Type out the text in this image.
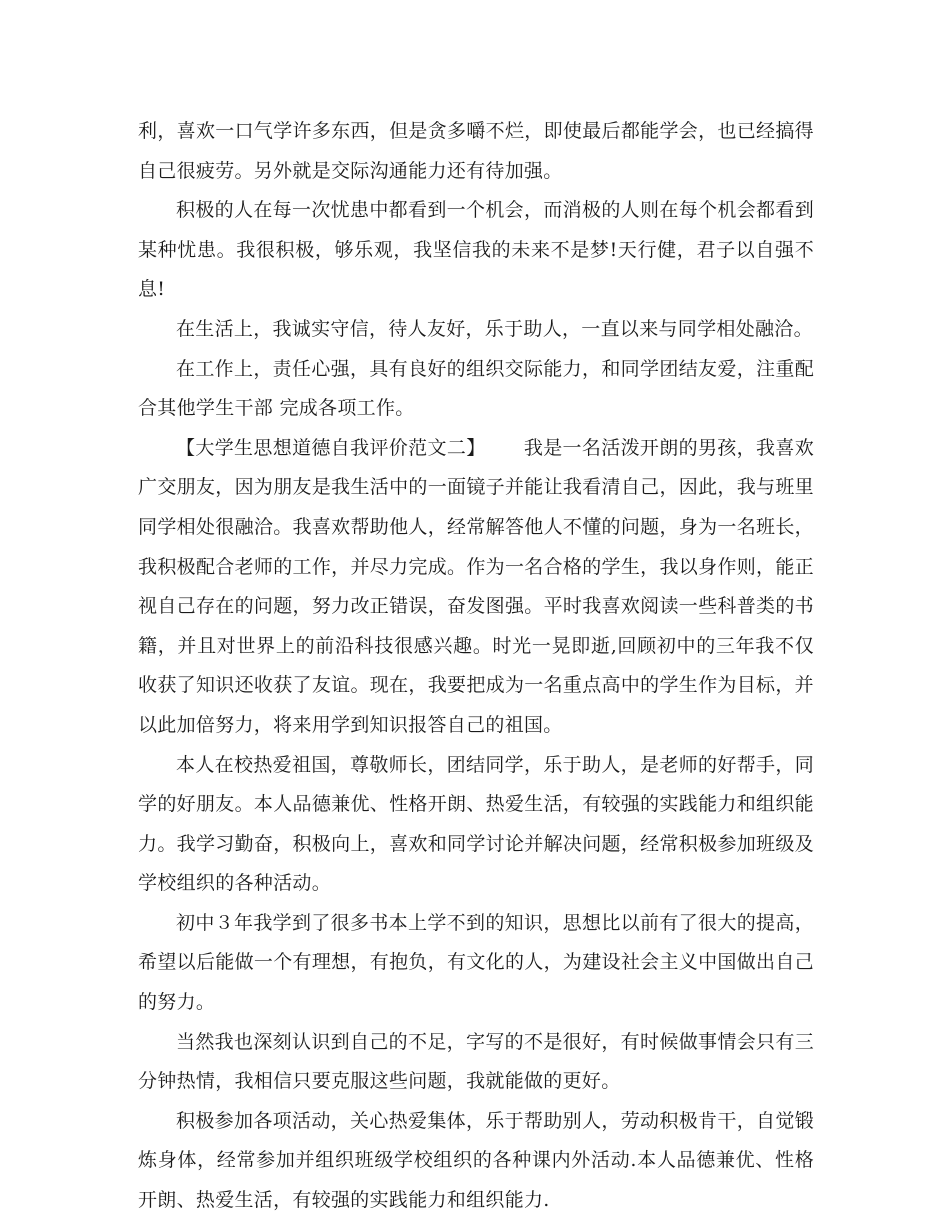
利，喜欢一口气学许多东西，但是贪多嚼不烂，即使最后都能学会，也已经搞得自己很疲劳。另外就是交际沟通能力还有待加强。

积极的人在每一次忧患中都看到一个机会，而消极的人则在每个机会都看到某种忧患。我很积极，够乐观，我坚信我的未来不是梦!天行健，君子以自强不息!

在生活上，我诚实守信，待人友好，乐于助人，一直以来与同学相处融洽。

在工作上，责任心强，具有良好的组织交际能力，和同学团结友爱，注重配合其他学生干部 完成各项工作。

【大学生思想道德自我评价范文二】      我是一名活泼开朗的男孩，我喜欢广交朋友，因为朋友是我生活中的一面镜子并能让我看清自己，因此，我与班里同学相处很融洽。我喜欢帮助他人，经常解答他人不懂的问题，身为一名班长，我积极配合老师的工作，并尽力完成。作为一名合格的学生，我以身作则，能正视自己存在的问题，努力改正错误，奋发图强。平时我喜欢阅读一些科普类的书籍，并且对世界上的前沿科技很感兴趣。时光一晃即逝,回顾初中的三年我不仅收获了知识还收获了友谊。现在，我要把成为一名重点高中的学生作为目标，并以此加倍努力，将来用学到知识报答自己的祖国。

本人在校热爱祖国，尊敬师长，团结同学，乐于助人，是老师的好帮手，同学的好朋友。本人品德兼优、性格开朗、热爱生活，有较强的实践能力和组织能力。我学习勤奋，积极向上，喜欢和同学讨论并解决问题，经常积极参加班级及学校组织的各种活动。

初中３年我学到了很多书本上学不到的知识，思想比以前有了很大的提高，希望以后能做一个有理想，有抱负，有文化的人，为建设社会主义中国做出自己的努力。

当然我也深刻认识到自己的不足，字写的不是很好，有时候做事情会只有三分钟热情，我相信只要克服这些问题，我就能做的更好。

积极参加各项活动，关心热爱集体，乐于帮助别人，劳动积极肯干，自觉锻炼身体，经常参加并组织班级学校组织的各种课内外活动.本人品德兼优、性格开朗、热爱生活，有较强的实践能力和组织能力.
